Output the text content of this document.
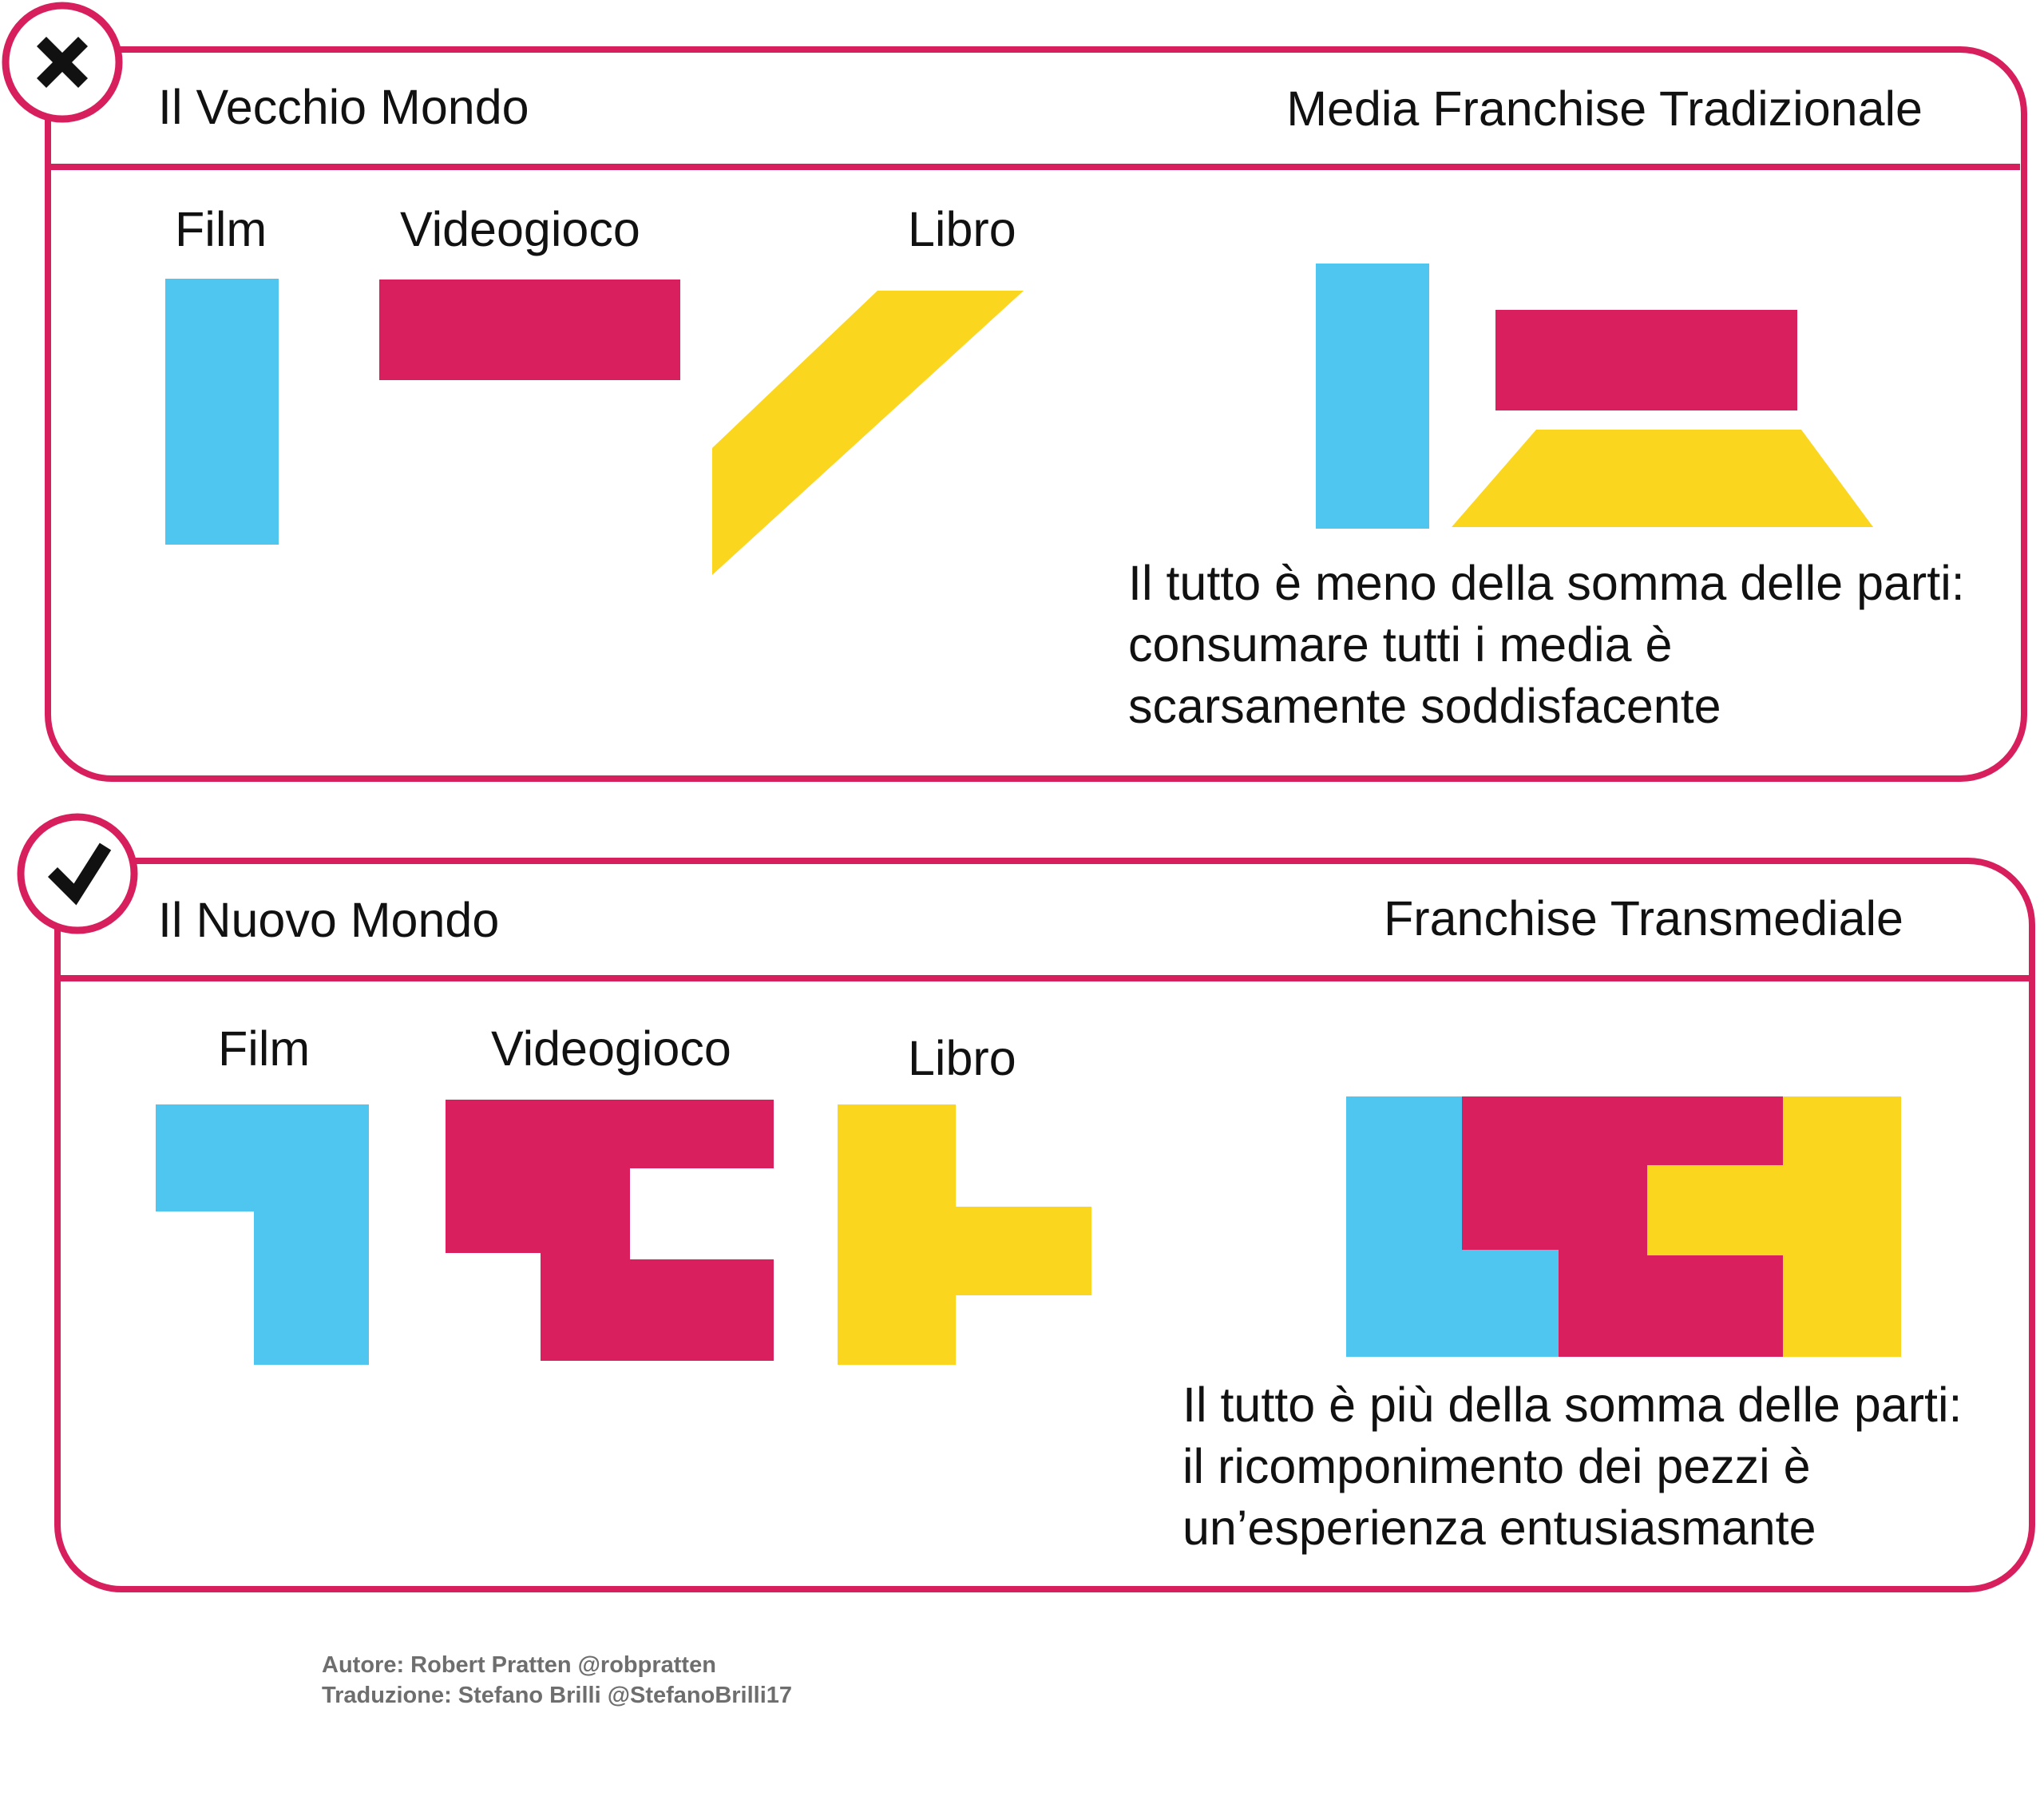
Il Vecchio Mondo	Media Franchise Tradizionale
Film	Videogioco	Libro
Il tutto è meno della somma delle parti:
consumare tutti i media è
scarsamente soddisfacente
Il Nuovo Mondo	Franchise Transmediale
Film	Videogioco	Libro
Il tutto è più della somma delle parti:
il ricomponimento dei pezzi è
un’esperienza entusiasmante
Autore: Robert Pratten @robpratten
Traduzione: Stefano Brilli @StefanoBrilli17
